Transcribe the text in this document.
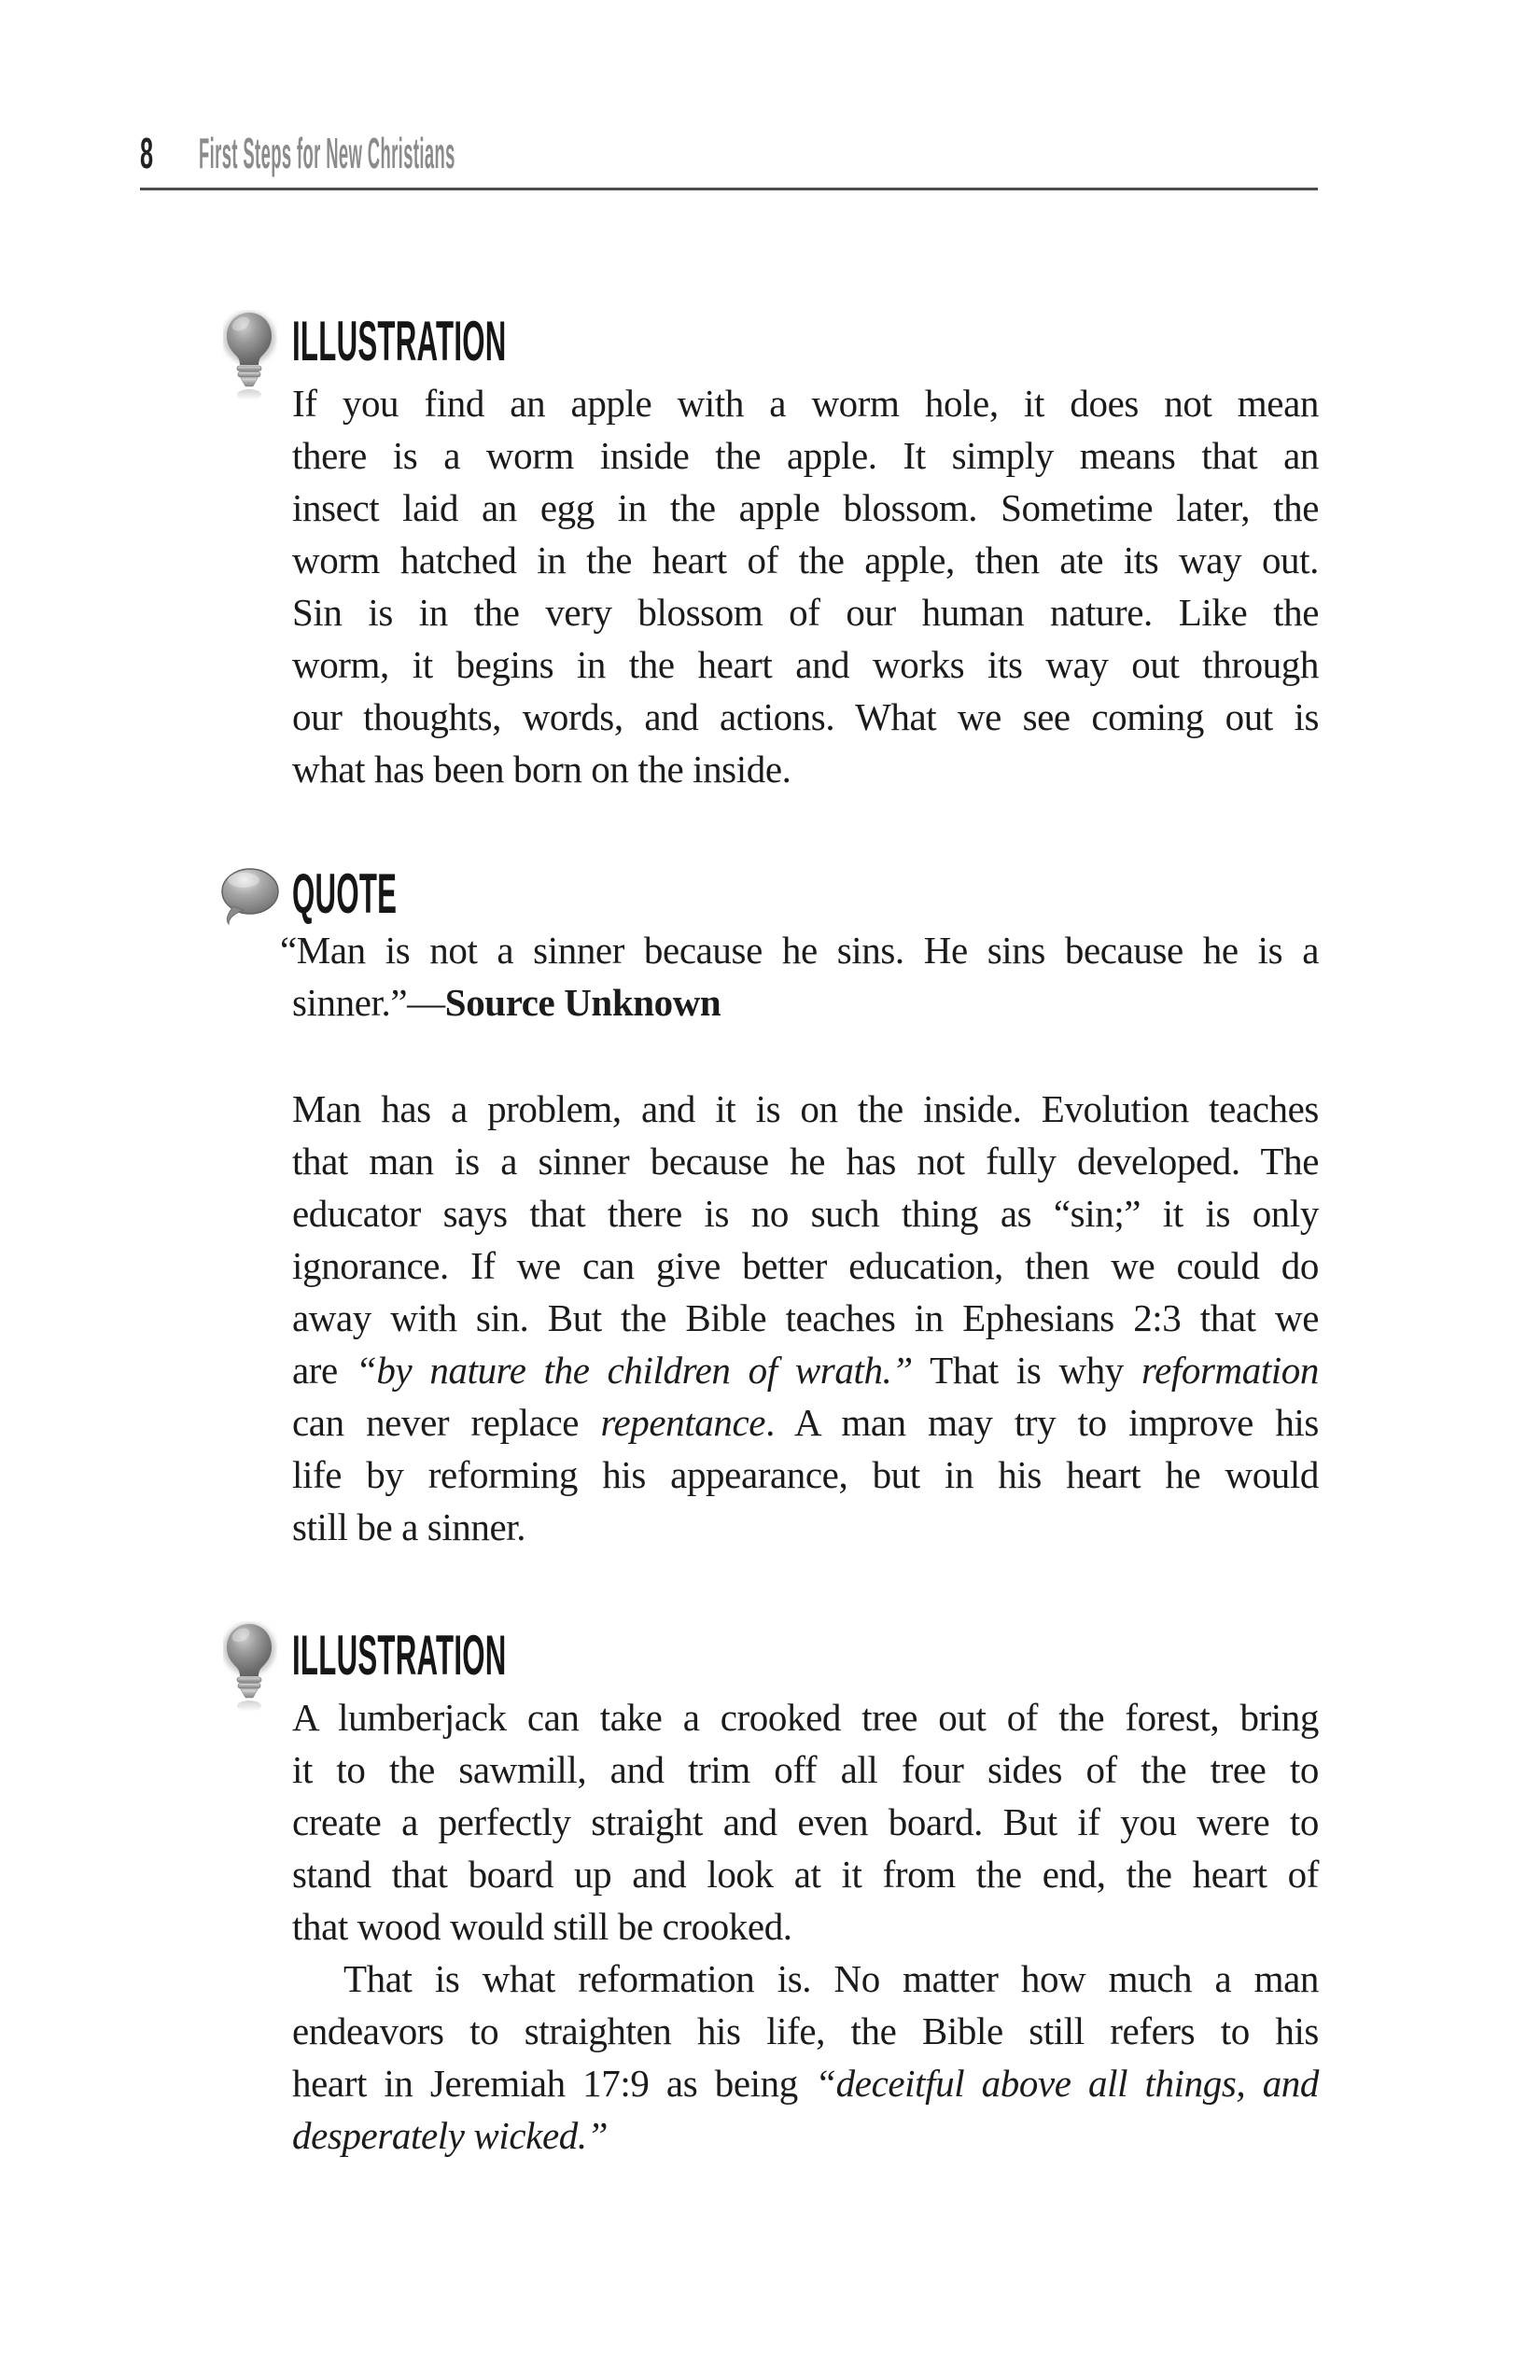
8 First Steps for New Christians
ILLUSTRATION
If you find an apple with a worm hole, it does not mean
there is a worm inside the apple. It simply means that an
insect laid an egg in the apple blossom. Sometime later, the
worm hatched in the heart of the apple, then ate its way out.
Sin is in the very blossom of our human nature. Like the
worm, it begins in the heart and works its way out through
our thoughts, words, and actions. What we see coming out is
what has been born on the inside.
QUOTE
“Man is not a sinner because he sins. He sins because he is a
sinner.”—Source Unknown
Man has a problem, and it is on the inside. Evolution teaches
that man is a sinner because he has not fully developed. The
educator says that there is no such thing as “sin;” it is only
ignorance. If we can give better education, then we could do
away with sin. But the Bible teaches in Ephesians 2:3 that we
are “by nature the children of wrath.” That is why reformation
can never replace repentance. A man may try to improve his
life by reforming his appearance, but in his heart he would
still be a sinner.
ILLUSTRATION
A lumberjack can take a crooked tree out of the forest, bring
it to the sawmill, and trim off all four sides of the tree to
create a perfectly straight and even board. But if you were to
stand that board up and look at it from the end, the heart of
that wood would still be crooked.
That is what reformation is. No matter how much a man
endeavors to straighten his life, the Bible still refers to his
heart in Jeremiah 17:9 as being “deceitful above all things, and
desperately wicked.”
